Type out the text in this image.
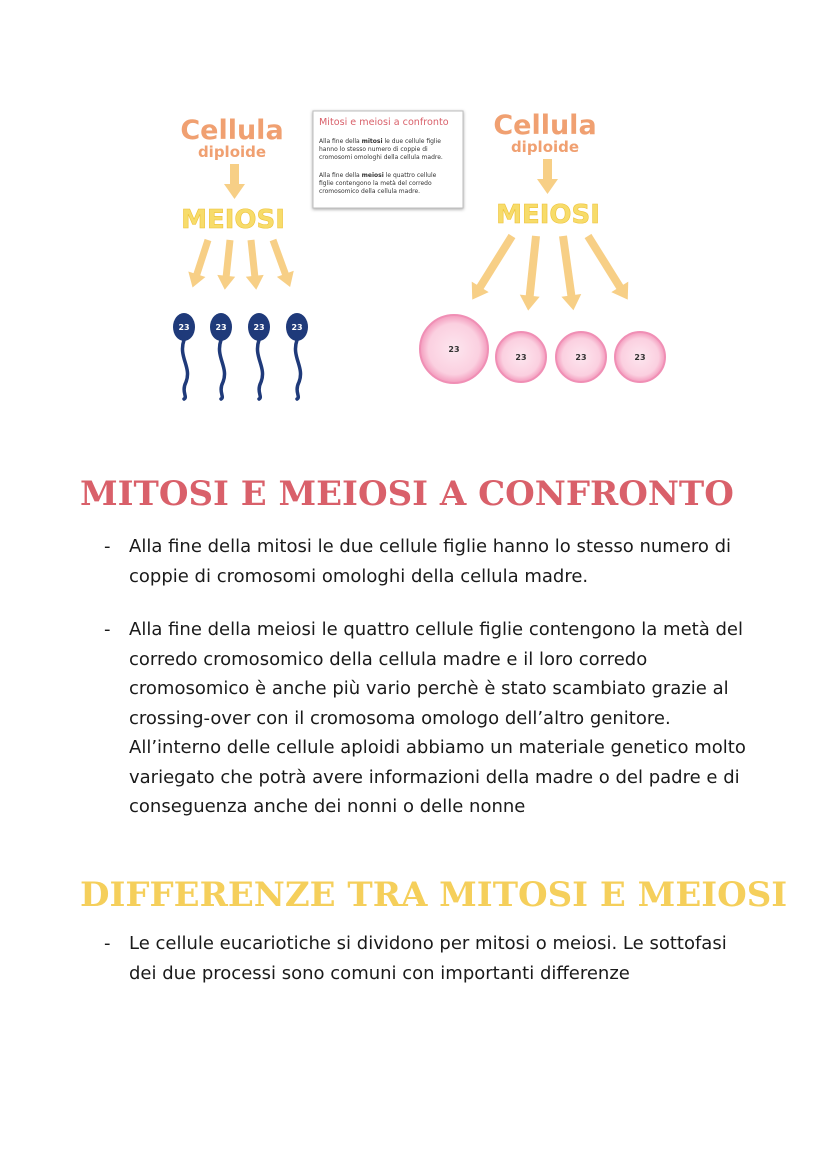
Cellula
diploide
MEIOSI
23	23	23	23
Mitosi e meiosi a confronto
Alla fine della mitosi le due cellule figlie
hanno lo stesso numero di coppie di
cromosomi omologhi della cellula madre.
Alla fine della meiosi le quattro cellule
figlie contengono la metà del corredo
cromosomico della cellula madre.
Cellula
diploide
MEIOSI
23
23	23	23
MITOSI E MEIOSI A CONFRONTO
- Alla fine della mitosi le due cellule figlie hanno lo stesso numero di
coppie di cromosomi omologhi della cellula madre.
- Alla fine della meiosi le quattro cellule figlie contengono la metà del
corredo cromosomico della cellula madre e il loro corredo
cromosomico è anche più vario perchè è stato scambiato grazie al
crossing-over con il cromosoma omologo dell’altro genitore.
All’interno delle cellule aploidi abbiamo un materiale genetico molto
variegato che potrà avere informazioni della madre o del padre e di
conseguenza anche dei nonni o delle nonne
DIFFERENZE TRA MITOSI E MEIOSI
- Le cellule eucariotiche si dividono per mitosi o meiosi. Le sottofasi
dei due processi sono comuni con importanti differenze
